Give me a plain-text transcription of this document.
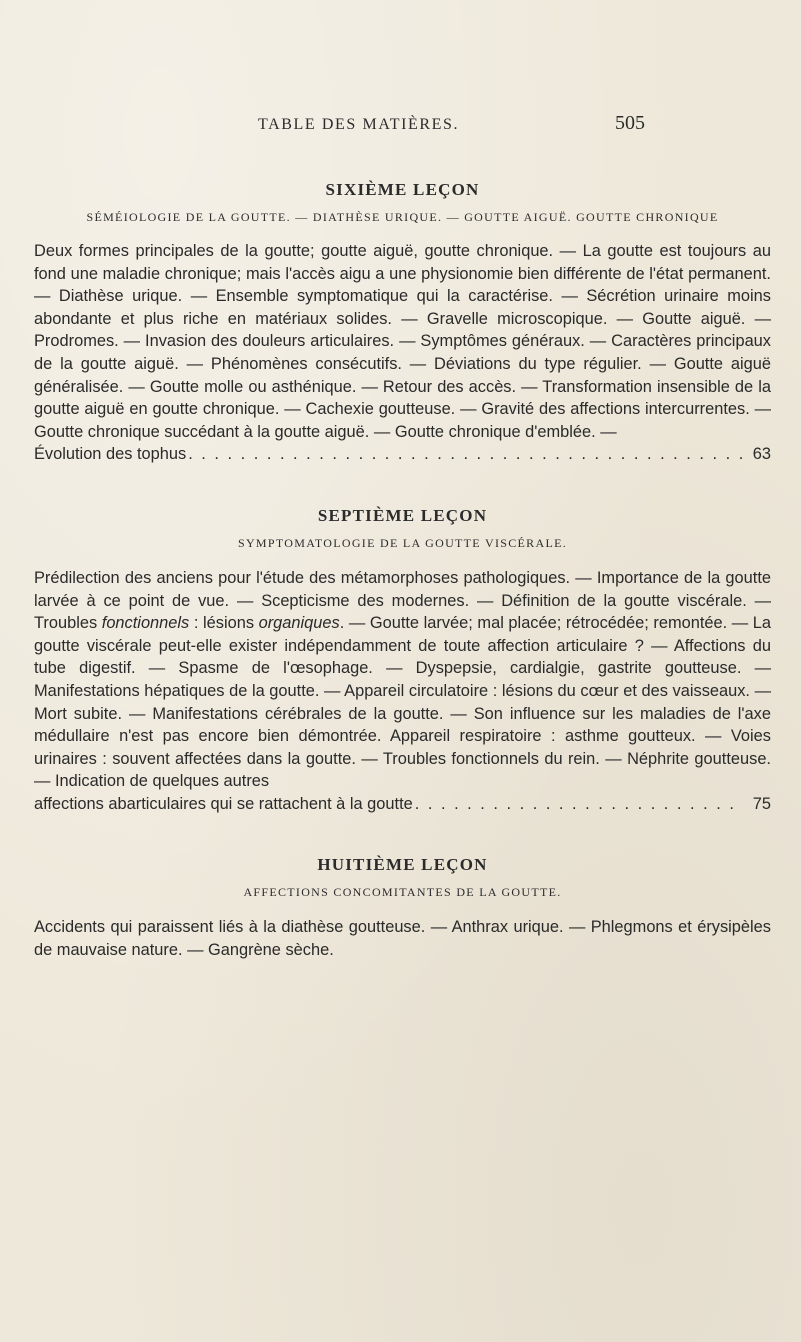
TABLE DES MATIÈRES.	505
SIXIÈME LEÇON

SÉMÉIOLOGIE DE LA GOUTTE. — DIATHÈSE URIQUE. — GOUTTE AIGUË. GOUTTE CHRONIQUE

Deux formes principales de la goutte; goutte aiguë, goutte chronique. — La goutte est toujours au fond une maladie chronique; mais l'accès aigu a une physionomie bien différente de l'état permanent. — Diathèse urique. — Ensemble symptomatique qui la caractérise. — Sécrétion urinaire moins abondante et plus riche en matériaux solides. — Gravelle microscopique. — Goutte aiguë. — Prodromes. — Invasion des douleurs articulaires. — Symptômes généraux. — Caractères principaux de la goutte aiguë. — Phénomènes consécutifs. — Déviations du type régulier. — Goutte aiguë généralisée. — Goutte molle ou asthénique. — Retour des accès. — Transformation insensible de la goutte aiguë en goutte chronique. — Cachexie goutteuse. — Gravité des affections intercurrentes. — Goutte chronique succédant à la goutte aiguë. — Goutte chronique d'emblée. —
Évolution des tophus . . .	63
SEPTIÈME LEÇON

SYMPTOMATOLOGIE DE LA GOUTTE VISCÉRALE.

Prédilection des anciens pour l'étude des métamorphoses pathologiques. — Importance de la goutte larvée à ce point de vue. — Scepticisme des modernes. — Définition de la goutte viscérale. — Troubles fonctionnels : lésions organiques. — Goutte larvée; mal placée; rétrocédée; remontée. — La goutte viscérale peut-elle exister indépendamment de toute affection articulaire ? — Affections du tube digestif. — Spasme de l'œsophage. — Dyspepsie, cardialgie, gastrite goutteuse. — Manifestations hépatiques de la goutte. — Appareil circulatoire : lésions du cœur et des vaisseaux. — Mort subite. — Manifestations cérébrales de la goutte. — Son influence sur les maladies de l'axe médullaire n'est pas encore bien démontrée. Appareil respiratoire : asthme goutteux. — Voies urinaires : souvent affectées dans la goutte. — Troubles fonctionnels du rein. — Néphrite goutteuse. — Indication de quelques autres
affections abarticulaires qui se rattachent à la goutte . . .	75
HUITIÈME LEÇON

AFFECTIONS CONCOMITANTES DE LA GOUTTE.

Accidents qui paraissent liés à la diathèse goutteuse. — Anthrax urique. — Phlegmons et érysipèles de mauvaise nature. — Gangrène sèche.
